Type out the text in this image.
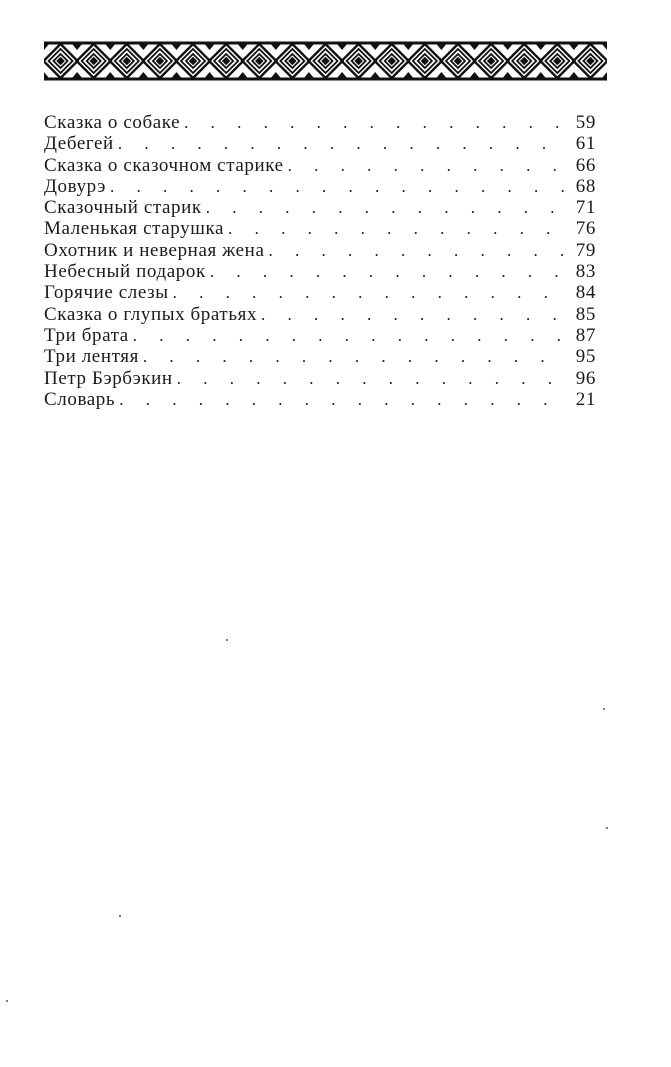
Сказка о собаке . . .	59
Дебегей . . .	61
Сказка о сказочном старике . . .	66
Довурэ . . .	68
Сказочный старик . . .	71
Маленькая старушка . . .	76
Охотник и неверная жена . . .	79
Небесный подарок . . .	83
Горячие слезы . . .	84
Сказка о глупых братьях . . .	85
Три брата . . .	87
Три лентяя . . .	95
Петр Бэрбэкин . . .	96
Словарь . . .	21
